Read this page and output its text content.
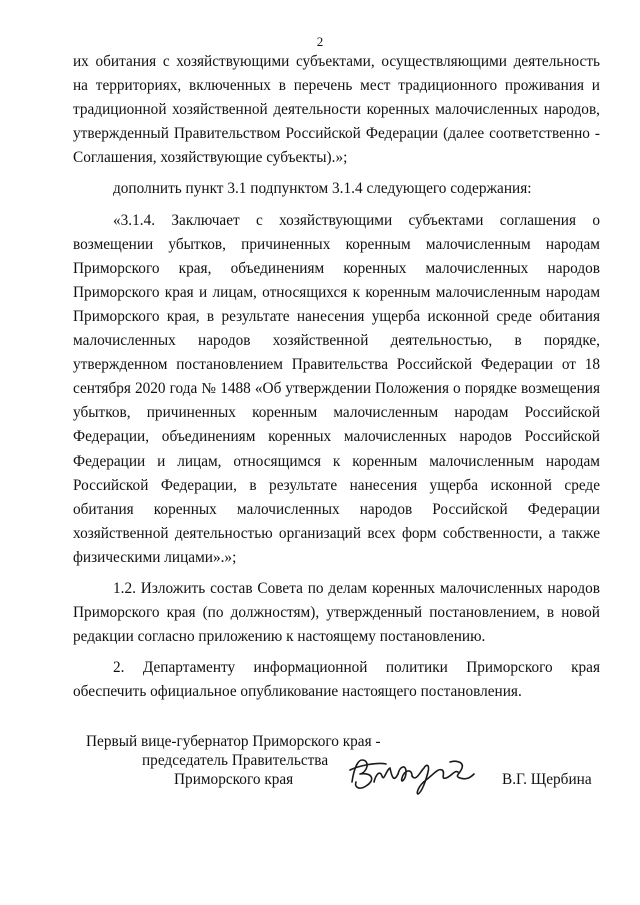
2

их обитания с хозяйствующими субъектами, осуществляющими деятельность на территориях, включенных в перечень мест традиционного проживания и традиционной хозяйственной деятельности коренных малочисленных народов, утвержденный Правительством Российской Федерации (далее соответственно - Соглашения, хозяйствующие субъекты).»;

дополнить пункт 3.1 подпунктом 3.1.4 следующего содержания:

«3.1.4. Заключает с хозяйствующими субъектами соглашения о возмещении убытков, причиненных коренным малочисленным народам Приморского края, объединениям коренных малочисленных народов Приморского края и лицам, относящихся к коренным малочисленным народам Приморского края, в результате нанесения ущерба исконной среде обитания малочисленных народов хозяйственной деятельностью, в порядке, утвержденном постановлением Правительства Российской Федерации от 18 сентября 2020 года № 1488 «Об утверждении Положения о порядке возмещения убытков, причиненных коренным малочисленным народам Российской Федерации, объединениям коренных малочисленных народов Российской Федерации и лицам, относящимся к коренным малочисленным народам Российской Федерации, в результате нанесения ущерба исконной среде обитания коренных малочисленных народов Российской Федерации хозяйственной деятельностью организаций всех форм собственности, а также физическими лицами».»;

1.2. Изложить состав Совета по делам коренных малочисленных народов Приморского края (по должностям), утвержденный постановлением, в новой редакции согласно приложению к настоящему постановлению.

2. Департаменту информационной политики Приморского края обеспечить официальное опубликование настоящего постановления.

Первый вице-губернатор Приморского края -
председатель Правительства
Приморского края	В.Г. Щербина
